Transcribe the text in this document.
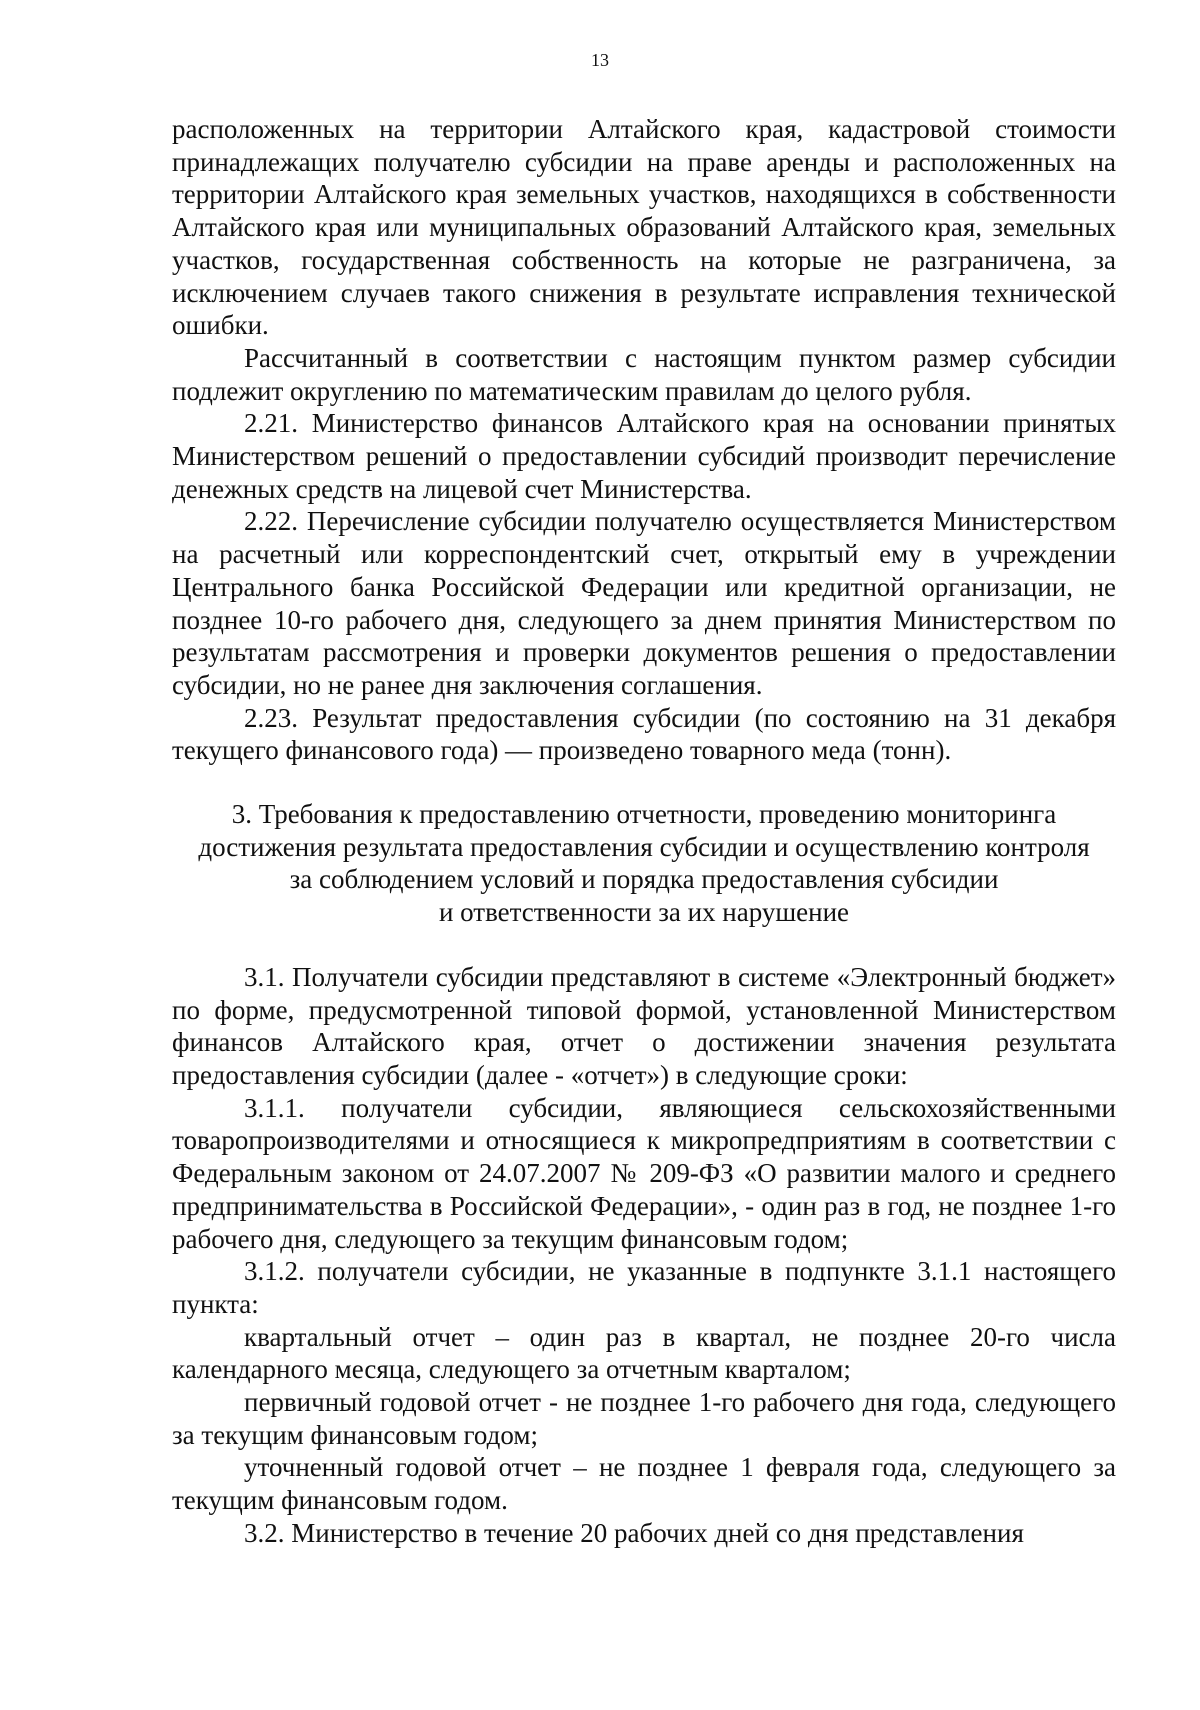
13

расположенных на территории Алтайского края, кадастровой стоимости принадлежащих получателю субсидии на праве аренды и расположенных на территории Алтайского края земельных участков, находящихся в собственности Алтайского края или муниципальных образований Алтайского края, земельных участков, государственная собственность на которые не разграничена, за исключением случаев такого снижения в результате исправления технической ошибки.

Рассчитанный в соответствии с настоящим пунктом размер субсидии подлежит округлению по математическим правилам до целого рубля.

2.21. Министерство финансов Алтайского края на основании принятых Министерством решений о предоставлении субсидий производит перечисление денежных средств на лицевой счет Министерства.

2.22. Перечисление субсидии получателю осуществляется Министерством на расчетный или корреспондентский счет, открытый ему в учреждении Центрального банка Российской Федерации или кредитной организации, не позднее 10-го рабочего дня, следующего за днем принятия Министерством по результатам рассмотрения и проверки документов решения о предоставлении субсидии, но не ранее дня заключения соглашения.

2.23. Результат предоставления субсидии (по состоянию на 31 декабря текущего финансового года) — произведено товарного меда (тонн).

3. Требования к предоставлению отчетности, проведению мониторинга
достижения результата предоставления субсидии и осуществлению контроля
за соблюдением условий и порядка предоставления субсидии
и ответственности за их нарушение

3.1. Получатели субсидии представляют в системе «Электронный бюджет» по форме, предусмотренной типовой формой, установленной Министерством финансов Алтайского края, отчет о достижении значения результата предоставления субсидии (далее - «отчет») в следующие сроки:

3.1.1. получатели субсидии, являющиеся сельскохозяйственными товаропроизводителями и относящиеся к микропредприятиям в соответствии с Федеральным законом от 24.07.2007 № 209-ФЗ «О развитии малого и среднего предпринимательства в Российской Федерации», - один раз в год, не позднее 1-го рабочего дня, следующего за текущим финансовым годом;

3.1.2. получатели субсидии, не указанные в подпункте 3.1.1 настоящего пункта:

квартальный отчет – один раз в квартал, не позднее 20-го числа календарного месяца, следующего за отчетным кварталом;

первичный годовой отчет - не позднее 1-го рабочего дня года, следующего за текущим финансовым годом;

уточненный годовой отчет – не позднее 1 февраля года, следующего за текущим финансовым годом.

3.2. Министерство в течение 20 рабочих дней со дня представления
